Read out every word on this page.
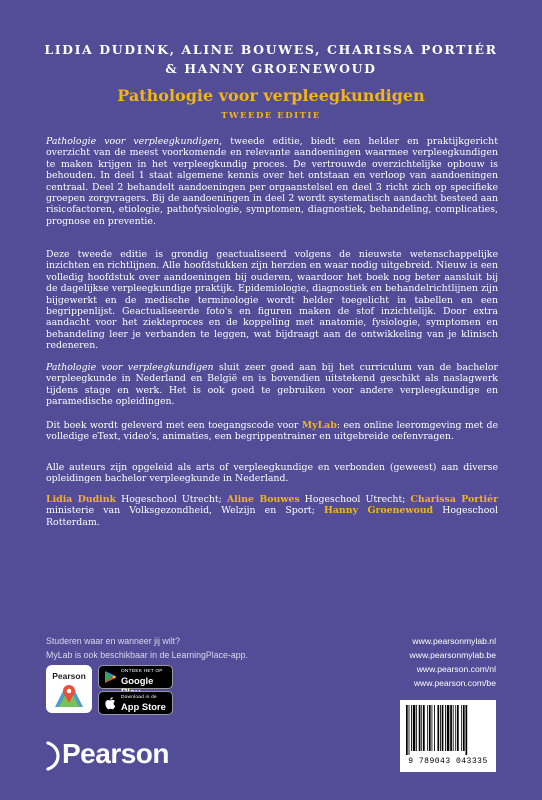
LIDIA DUDINK, ALINE BOUWES, CHARISSA PORTIÉR
& HANNY GROENEWOUD
Pathologie voor verpleegkundigen
TWEEDE EDITIE
Pathologie voor verpleegkundigen, tweede editie, biedt een helder en praktijkgericht overzicht van de meest voorkomende en relevante aandoeningen waarmee verpleegkundigen te maken krijgen in het verpleegkundig proces. De vertrouwde overzichtelijke opbouw is behouden. In deel 1 staat algemene kennis over het ontstaan en verloop van aandoeningen centraal. Deel 2 behandelt aandoeningen per orgaanstelsel en deel 3 richt zich op specifieke groepen zorgvragers. Bij de aandoeningen in deel 2 wordt systematisch aandacht besteed aan risicofactoren, etiologie, pathofysiologie, symptomen, diagnostiek, behandeling, complicaties, prognose en preventie.
Deze tweede editie is grondig geactualiseerd volgens de nieuwste wetenschappelijke inzichten en richtlijnen. Alle hoofdstukken zijn herzien en waar nodig uitgebreid. Nieuw is een volledig hoofdstuk over aandoeningen bij ouderen, waardoor het boek nog beter aansluit bij de dagelijkse verpleegkundige praktijk. Epidemiologie, diagnostiek en behandelrichtlijnen zijn bijgewerkt en de medische terminologie wordt helder toegelicht in tabellen en een begrippenlijst. Geactualiseerde foto's en figuren maken de stof inzichtelijk. Door extra aandacht voor het ziekteproces en de koppeling met anatomie, fysiologie, symptomen en behandeling leer je verbanden te leggen, wat bijdraagt aan de ontwikkeling van je klinisch redeneren.
Pathologie voor verpleegkundigen sluit zeer goed aan bij het curriculum van de bachelor verpleegkunde in Nederland en België en is bovendien uitstekend geschikt als naslagwerk tijdens stage en werk. Het is ook goed te gebruiken voor andere verpleegkundige en paramedische opleidingen.
Dit boek wordt geleverd met een toegangscode voor MyLab: een online leeromgeving met de volledige eText, video's, animaties, een begrippentrainer en uitgebreide oefenvragen.
Alle auteurs zijn opgeleid als arts of verpleegkundige en verbonden (geweest) aan diverse opleidingen bachelor verpleegkunde in Nederland.
Lidia Dudink Hogeschool Utrecht; Aline Bouwes Hogeschool Utrecht; Charissa Portiér ministerie van Volksgezondheid, Welzijn en Sport; Hanny Groenewoud Hogeschool Rotterdam.
Studeren waar en wanneer jij wilt?
MyLab is ook beschikbaar in de LearningPlace-app.
www.pearsonmylab.nl
www.pearsonmylab.be
www.pearson.com/nl
www.pearson.com/be
Pearson	ONTDEK HET OP
Google
Download in de
App Store
Pearson	9 789043 043335
